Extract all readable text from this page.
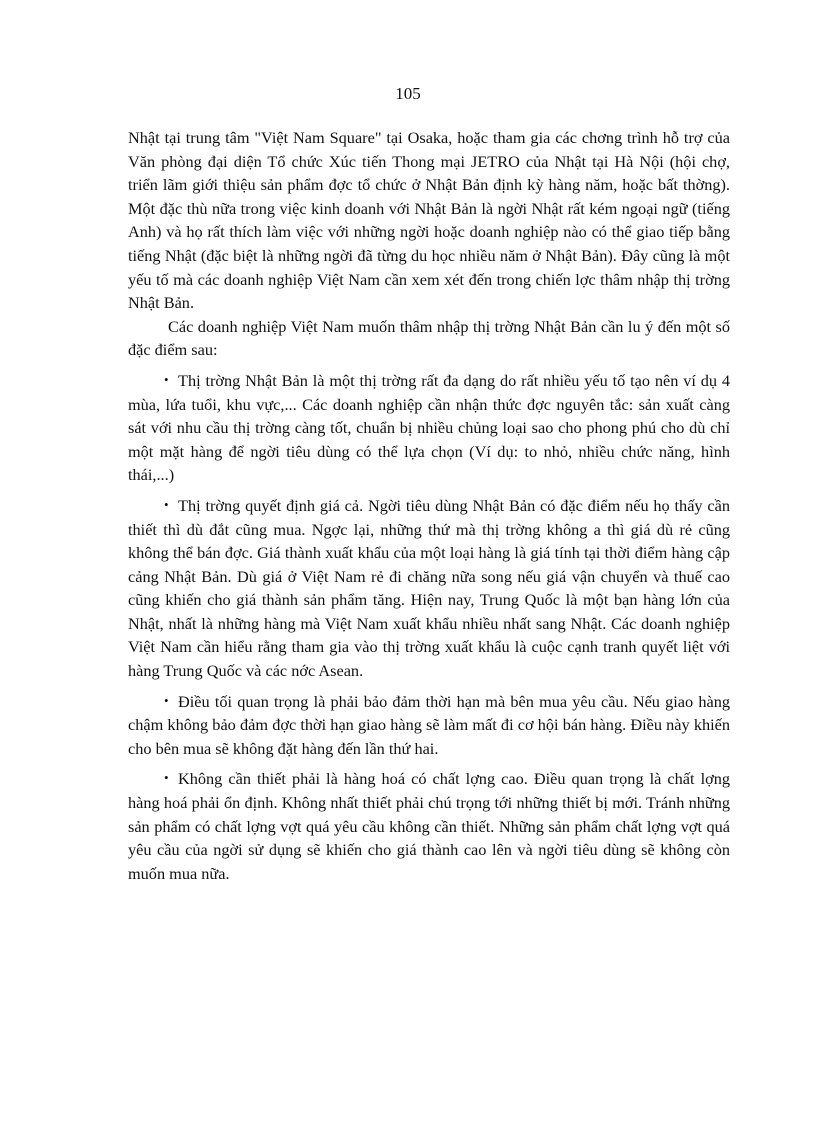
105

Nhật tại trung tâm "Việt Nam Square" tại Osaka, hoặc tham gia các chơng trình hỗ trợ của Văn phòng đại diện Tổ chức Xúc tiến Thong mại JETRO của Nhật tại Hà Nội (hội chợ, triển lãm giới thiệu sản phẩm đợc tổ chức ở Nhật Bản định kỳ hàng năm, hoặc bất thờng). Một đặc thù nữa trong việc kinh doanh với Nhật Bản là ngời Nhật rất kém ngoại ngữ (tiếng Anh) và họ rất thích làm việc với những ngời hoặc doanh nghiệp nào có thể giao tiếp bằng tiếng Nhật (đặc biệt là những ngời đã từng du học nhiều năm ở Nhật Bản). Đây cũng là một yếu tố mà các doanh nghiệp Việt Nam cần xem xét đến trong chiến lợc thâm nhập thị trờng Nhật Bản.

Các doanh nghiệp Việt Nam muốn thâm nhập thị trờng Nhật Bản cần lu ý đến một số đặc điểm sau:

• Thị trờng Nhật Bản là một thị trờng rất đa dạng do rất nhiều yếu tố tạo nên ví dụ 4 mùa, lứa tuổi, khu vực,... Các doanh nghiệp cần nhận thức đợc nguyên tắc: sản xuất càng sát với nhu cầu thị trờng càng tốt, chuẩn bị nhiều chủng loại sao cho phong phú cho dù chỉ một mặt hàng để ngời tiêu dùng có thể lựa chọn (Ví dụ: to nhỏ, nhiều chức năng, hình thái,...)

• Thị trờng quyết định giá cả. Ngời tiêu dùng Nhật Bản có đặc điểm nếu họ thấy cần thiết thì dù đắt cũng mua. Ngợc lại, những thứ mà thị trờng không a thì giá dù rẻ cũng không thể bán đợc. Giá thành xuất khẩu của một loại hàng là giá tính tại thời điểm hàng cập cảng Nhật Bản. Dù giá ở Việt Nam rẻ đi chăng nữa song nếu giá vận chuyển và thuế cao cũng khiến cho giá thành sản phẩm tăng. Hiện nay, Trung Quốc là một bạn hàng lớn của Nhật, nhất là những hàng mà Việt Nam xuất khẩu nhiều nhất sang Nhật. Các doanh nghiệp Việt Nam cần hiểu rằng tham gia vào thị trờng xuất khẩu là cuộc cạnh tranh quyết liệt với hàng Trung Quốc và các nớc Asean.

• Điều tối quan trọng là phải bảo đảm thời hạn mà bên mua yêu cầu. Nếu giao hàng chậm không bảo đảm đợc thời hạn giao hàng sẽ làm mất đi cơ hội bán hàng. Điều này khiến cho bên mua sẽ không đặt hàng đến lần thứ hai.

• Không cần thiết phải là hàng hoá có chất lợng cao. Điều quan trọng là chất lợng hàng hoá phải ổn định. Không nhất thiết phải chú trọng tới những thiết bị mới. Tránh những sản phẩm có chất lợng vợt quá yêu cầu không cần thiết. Những sản phẩm chất lợng vợt quá yêu cầu của ngời sử dụng sẽ khiến cho giá thành cao lên và ngời tiêu dùng sẽ không còn muốn mua nữa.
